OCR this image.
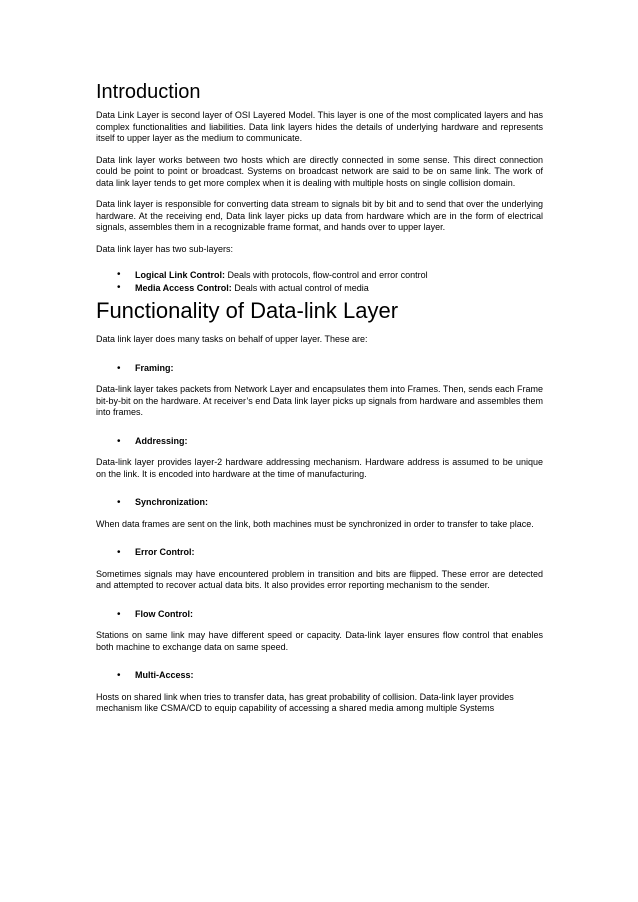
Introduction

Data Link Layer is second layer of OSI Layered Model. This layer is one of the most complicated layers and has complex functionalities and liabilities. Data link layers hides the details of underlying hardware and represents itself to upper layer as the medium to communicate.

Data link layer works between two hosts which are directly connected in some sense. This direct connection could be point to point or broadcast. Systems on broadcast network are said to be on same link. The work of data link layer tends to get more complex when it is dealing with multiple hosts on single collision domain.

Data link layer is responsible for converting data stream to signals bit by bit and to send that over the underlying hardware. At the receiving end, Data link layer picks up data from hardware which are in the form of electrical signals, assembles them in a recognizable frame format, and hands over to upper layer.

Data link layer has two sub-layers:

• Logical Link Control: Deals with protocols, flow-control and error control
• Media Access Control: Deals with actual control of media
Functionality of Data-link Layer

Data link layer does many tasks on behalf of upper layer. These are:

• Framing:

Data-link layer takes packets from Network Layer and encapsulates them into Frames. Then, sends each Frame bit-by-bit on the hardware. At receiver’s end Data link layer picks up signals from hardware and assembles them into frames.

• Addressing:

Data-link layer provides layer-2 hardware addressing mechanism. Hardware address is assumed to be unique on the link. It is encoded into hardware at the time of manufacturing.

• Synchronization:

When data frames are sent on the link, both machines must be synchronized in order to transfer to take place.

• Error Control:

Sometimes signals may have encountered problem in transition and bits are flipped. These error are detected and attempted to recover actual data bits. It also provides error reporting mechanism to the sender.

• Flow Control:

Stations on same link may have different speed or capacity. Data-link layer ensures flow control that enables both machine to exchange data on same speed.

• Multi-Access:

Hosts on shared link when tries to transfer data, has great probability of collision. Data-link layer provides mechanism like CSMA/CD to equip capability of accessing a shared media among multiple Systems
